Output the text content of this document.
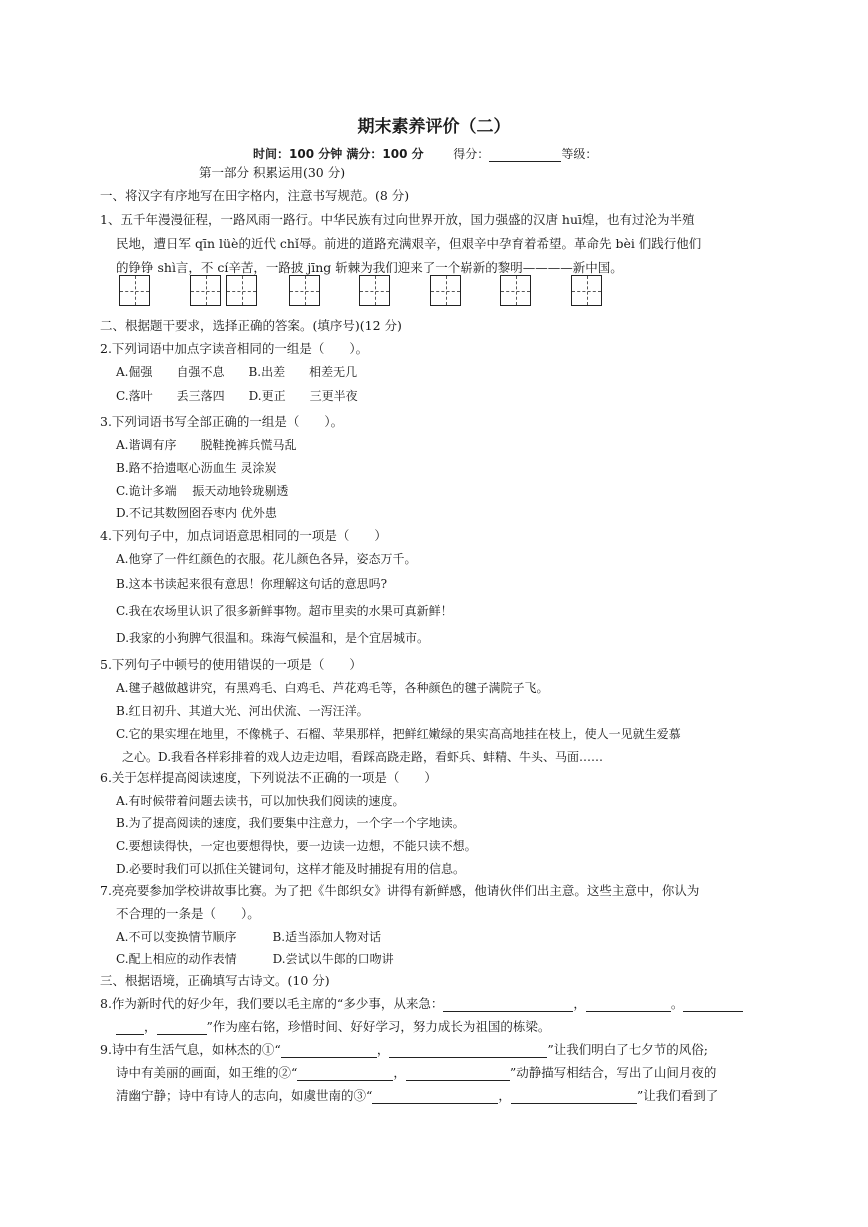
期末素养评价（二）
时间：100 分钟 满分：100 分 得分：	等级：
第一部分 积累运用(30 分)
一、将汉字有序地写在田字格内，注意书写规范。(8 分)
1、五千年漫漫征程，一路风雨一路行。中华民族有过向世界开放，国力强盛的汉唐 huī煌，也有过沦为半殖
民地，遭日军 qīn lüè的近代 chǐ辱。前进的道路充满艰辛，但艰辛中孕育着希望。革命先 bèi 们践行他们
的铮铮 shì言，不 cí辛苦，一路披 jīng 斩棘为我们迎来了一个崭新的黎明————新中国。
二、根据题干要求，选择正确的答案。(填序号)(12 分)
2.下列词语中加点字读音相同的一组是（　　）。
A.倔强　　自强不息　　B.出差　　相差无几
C.落叶　　丢三落四　　D.更正　　三更半夜
3.下列词语书写全部正确的一组是（　　）。
A.谐调有序　　脱鞋挽裤兵慌马乱
B.路不拾遗呕心沥血生 灵涂炭
C.诡计多端　 振天动地铃珑剔透
D.不记其数囫囵吞枣内 优外患
4.下列句子中，加点词语意思相同的一项是（　　）
A.他穿了一件红颜色的衣服。花儿颜色各异，姿态万千。
B.这本书读起来很有意思！你理解这句话的意思吗?
C.我在农场里认识了很多新鲜事物。超市里卖的水果可真新鲜！
D.我家的小狗脾气很温和。珠海气候温和，是个宜居城市。
5.下列句子中顿号的使用错误的一项是（　　）
A.毽子越做越讲究，有黑鸡毛、白鸡毛、芦花鸡毛等，各种颜色的毽子满院子飞。
B.红日初升、其道大光、河出伏流、一泻汪洋。
C.它的果实埋在地里，不像桃子、石榴、苹果那样，把鲜红嫩绿的果实高高地挂在枝上，使人一见就生爱慕
之心。D.我看各样彩排着的戏人边走边唱，看踩高跷走路，看虾兵、蚌精、牛头、马面……
6.关于怎样提高阅读速度，下列说法不正确的一项是（　　）
A.有时候带着问题去读书，可以加快我们阅读的速度。
B.为了提高阅读的速度，我们要集中注意力，一个字一个字地读。
C.要想读得快，一定也要想得快，要一边读一边想，不能只读不想。
D.必要时我们可以抓住关键词句，这样才能及时捕捉有用的信息。
7.亮亮要参加学校讲故事比赛。为了把《牛郎织女》讲得有新鲜感，他请伙伴们出主意。这些主意中，你认为
不合理的一条是（　　）。
A.不可以变换情节顺序　　　B.适当添加人物对话
C.配上相应的动作表情　　　D.尝试以牛郎的口吻讲
三、根据语境，正确填写古诗文。(10 分)
8.作为新时代的好少年，我们要以毛主席的“多少事，从来急：	，	。
，	”作为座右铭，珍惜时间、好好学习，努力成长为祖国的栋梁。
9.诗中有生活气息，如林杰的①“	，	”让我们明白了七夕节的风俗;
诗中有美丽的画面，如王维的②“	，	”动静描写相结合，写出了山间月夜的
清幽宁静；诗中有诗人的志向，如虞世南的③“	，	”让我们看到了
